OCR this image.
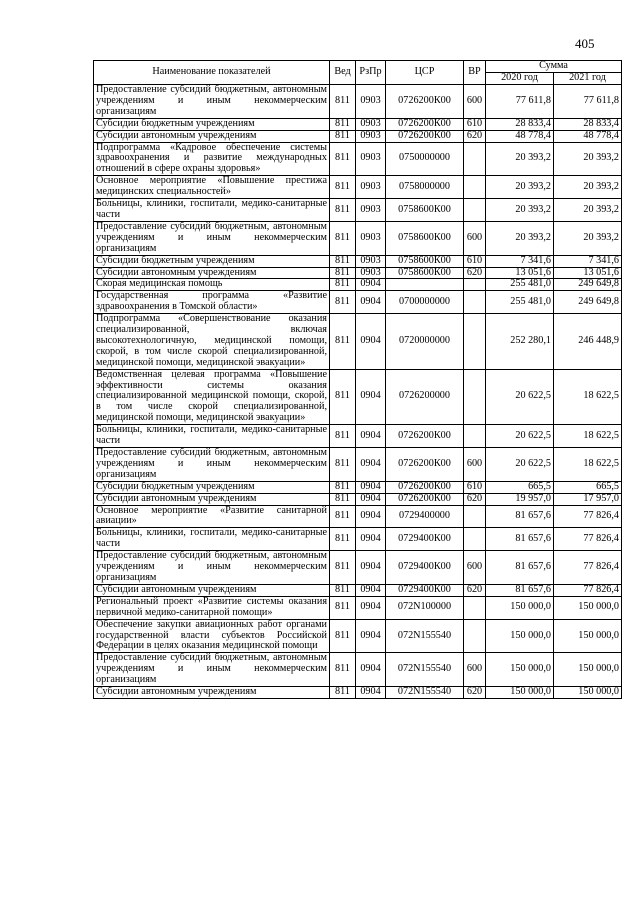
405
Наименование показателей	Вед	РзПр	ЦСР	ВР	Сумма	
					2020 год	2021 год
Предоставление субсидий бюджетным, автономным учреждениям и иным некоммерческим организациям	811	0903	0726200К00	600	77 611,8	77 611,8
Субсидии бюджетным учреждениям	811	0903	0726200К00	610	28 833,4	28 833,4
Субсидии автономным учреждениям	811	0903	0726200К00	620	48 778,4	48 778,4
Подпрограмма «Кадровое обеспечение системы здравоохранения и развитие международных отношений в сфере охраны здоровья»	811	0903	0750000000		20 393,2	20 393,2
Основное мероприятие «Повышение престижа медицинских специальностей»	811	0903	0758000000		20 393,2	20 393,2
Больницы, клиники, госпитали, медико-санитарные части	811	0903	0758600К00		20 393,2	20 393,2
Предоставление субсидий бюджетным, автономным учреждениям и иным некоммерческим организациям	811	0903	0758600К00	600	20 393,2	20 393,2
Субсидии бюджетным учреждениям	811	0903	0758600К00	610	7 341,6	7 341,6
Субсидии автономным учреждениям	811	0903	0758600К00	620	13 051,6	13 051,6
Скорая медицинская помощь	811	0904			255 481,0	249 649,8
Государственная программа «Развитие здравоохранения в Томской области»	811	0904	0700000000		255 481,0	249 649,8
Подпрограмма «Совершенствование оказания специализированной, включая высокотехнологичную, медицинской помощи, скорой, в том числе скорой специализированной, медицинской помощи, медицинской эвакуации»	811	0904	0720000000		252 280,1	246 448,9
Ведомственная целевая программа «Повышение эффективности системы оказания специализированной медицинской помощи, скорой, в том числе скорой специализированной, медицинской помощи, медицинской эвакуации»	811	0904	0726200000		20 622,5	18 622,5
Больницы, клиники, госпитали, медико-санитарные части	811	0904	0726200К00		20 622,5	18 622,5
Предоставление субсидий бюджетным, автономным учреждениям и иным некоммерческим организациям	811	0904	0726200К00	600	20 622,5	18 622,5
Субсидии бюджетным учреждениям	811	0904	0726200К00	610	665,5	665,5
Субсидии автономным учреждениям	811	0904	0726200К00	620	19 957,0	17 957,0
Основное мероприятие «Развитие санитарной авиации»	811	0904	0729400000		81 657,6	77 826,4
Больницы, клиники, госпитали, медико-санитарные части	811	0904	0729400К00		81 657,6	77 826,4
Предоставление субсидий бюджетным, автономным учреждениям и иным некоммерческим организациям	811	0904	0729400К00	600	81 657,6	77 826,4
Субсидии автономным учреждениям	811	0904	0729400К00	620	81 657,6	77 826,4
Региональный проект «Развитие системы оказания первичной медико-санитарной помощи»	811	0904	072N100000		150 000,0	150 000,0
Обеспечение закупки авиационных работ органами государственной власти субъектов Российской Федерации в целях оказания медицинской помощи	811	0904	072N155540		150 000,0	150 000,0
Предоставление субсидий бюджетным, автономным учреждениям и иным некоммерческим организациям	811	0904	072N155540	600	150 000,0	150 000,0
Субсидии автономным учреждениям	811	0904	072N155540	620	150 000,0	150 000,0
